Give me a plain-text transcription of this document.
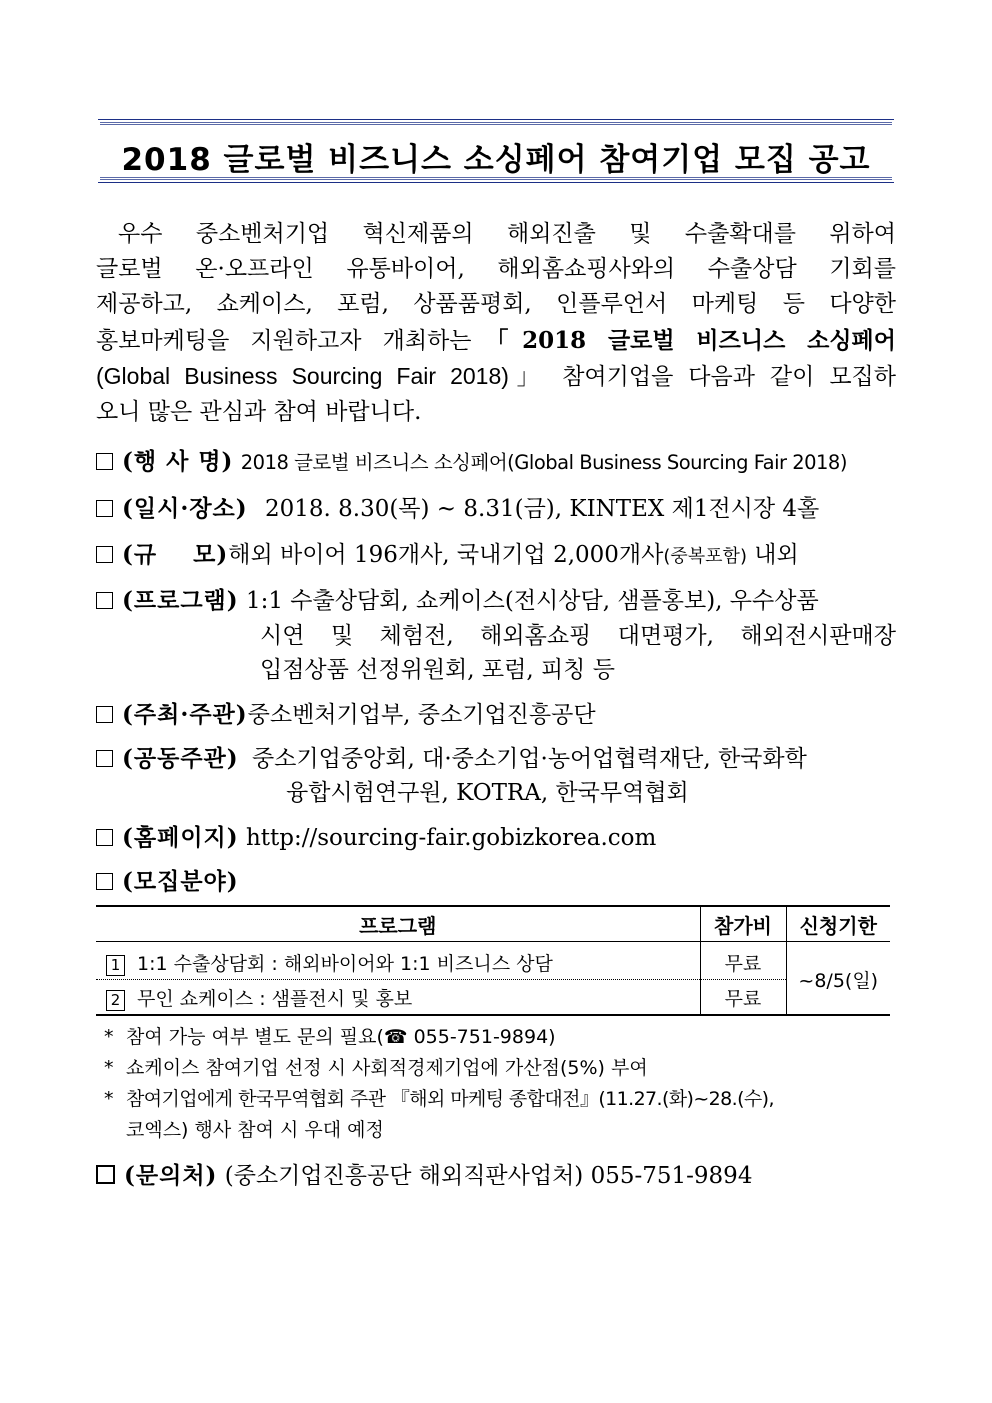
2018 글로벌 비즈니스 소싱페어 참여기업 모집 공고
우수 중소벤처기업 혁신제품의 해외진출 및 수출확대를 위하여
글로벌 온·오프라인 유통바이어, 해외홈쇼핑사와의 수출상담 기회를
제공하고, 쇼케이스, 포럼, 상품품평회, 인플루언서 마케팅 등 다양한
홍보마케팅을 지원하고자 개최하는「2018 글로벌 비즈니스 소싱페어
(Global Business Sourcing Fair 2018)」 참여기업을 다음과 같이 모집하
오니 많은 관심과 참여 바랍니다.
(행 사 명) 2018 글로벌 비즈니스 소싱페어(Global Business Sourcing Fair 2018)
(일시·장소) 2018. 8.30(목) ~ 8.31(금), KINTEX 제1전시장 4홀
(규    모)해외 바이어 196개사, 국내기업 2,000개사(중복포함) 내외
(프로그램) 1:1 수출상담회, 쇼케이스(전시상담, 샘플홍보), 우수상품
시연 및 체험전, 해외홈쇼핑 대면평가, 해외전시판매장
입점상품 선정위원회, 포럼, 피칭 등
(주최·주관)중소벤처기업부, 중소기업진흥공단
(공동주관) 중소기업중앙회, 대·중소기업·농어업협력재단, 한국화학
융합시험연구원, KOTRA, 한국무역협회
(홈페이지) http://sourcing-fair.gobizkorea.com
(모집분야)
프로그램	참가비	신청기한

1 1:1 수출상담회 : 해외바이어와 1:1 비즈니스 상담	무료	~8/5(일)
2 무인 쇼케이스 : 샘플전시 및 홍보	무료	
* 참여 가능 여부 별도 문의 필요(☎ 055-751-9894)
* 쇼케이스 참여기업 선정 시 사회적경제기업에 가산점(5%) 부여
* 참여기업에게 한국무역협회 주관 『해외 마케팅 종합대전』(11.27.(화)~28.(수),
코엑스) 행사 참여 시 우대 예정
(문의처) (중소기업진흥공단 해외직판사업처) 055-751-9894
